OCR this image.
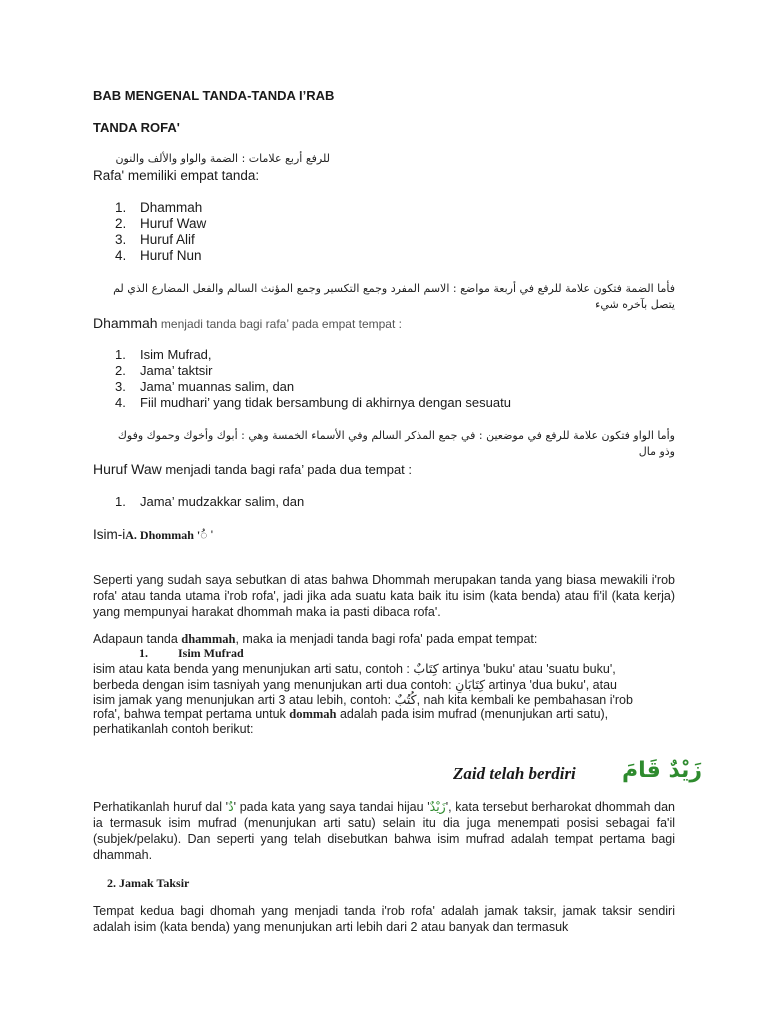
BAB MENGENAL TANDA-TANDA I’RAB
TANDA ROFA'
للرفع أربع علامات : الضمة والواو والألف والنون
Rafa' memiliki empat tanda:
1. Dhammah
2. Huruf Waw
3. Huruf Alif
4. Huruf Nun
فأما الضمة فتكون علامة للرفع في أربعة مواضع : الاسم المفرد وجمع التكسير وجمع المؤنث السالم والفعل المضارع الذي لم
يتصل بآخره شيء
Dhammah menjadi tanda bagi rafa’ pada empat tempat :
1. Isim Mufrad,
2. Jama’ taktsir
3. Jama’ muannas salim, dan
4. Fiil mudhari’ yang tidak bersambung di akhirnya dengan sesuatu
وأما الواو فتكون علامة للرفع في موضعين : في جمع المذكر السالم وفي الأسماء الخمسة وهي : أبوك وأخوك وحموك وفوك
وذو مال
Huruf Waw menjadi tanda bagi rafa’ pada dua tempat :
1. Jama’ mudzakkar salim, dan
Isim-iA. Dhommah 'ُ◌ '
Seperti yang sudah saya sebutkan di atas bahwa Dhommah merupakan tanda yang biasa mewakili i'rob rofa' atau tanda utama i'rob rofa', jadi jika ada suatu kata baik itu isim (kata benda) atau fi'il (kata kerja) yang mempunyai harakat dhommah maka ia pasti dibaca rofa'.
Adapaun tanda dhammah, maka ia menjadi tanda bagi rofa' pada empat tempat:
1.	Isim Mufrad
isim atau kata benda yang menunjukan arti satu, contoh : كِتَابٌ artinya 'buku' atau 'suatu buku',
berbeda dengan isim tasniyah yang menunjukan arti dua contoh: كِتَابَانِ artinya 'dua buku', atau
isim jamak yang menunjukan arti 3 atau lebih, contoh: كُتُبٌ, nah kita kembali ke pembahasan i'rob
rofa', bahwa tempat pertama untuk dommah adalah pada isim mufrad (menunjukan arti satu),
perhatikanlah contoh berikut:
Zaid telah berdiri زَيْدٌ قَامَ
Perhatikanlah huruf dal 'دٌ' pada kata yang saya tandai hijau 'زَيْدٌ', kata tersebut berharokat dhommah dan ia termasuk isim mufrad (menunjukan arti satu) selain itu dia juga menempati posisi sebagai fa'il (subjek/pelaku). Dan seperti yang telah disebutkan bahwa isim mufrad adalah tempat pertama bagi dhammah.
2. Jamak Taksir
Tempat kedua bagi dhomah yang menjadi tanda i'rob rofa' adalah jamak taksir, jamak taksir sendiri adalah isim (kata benda) yang menunjukan arti lebih dari 2 atau banyak dan termasuk
